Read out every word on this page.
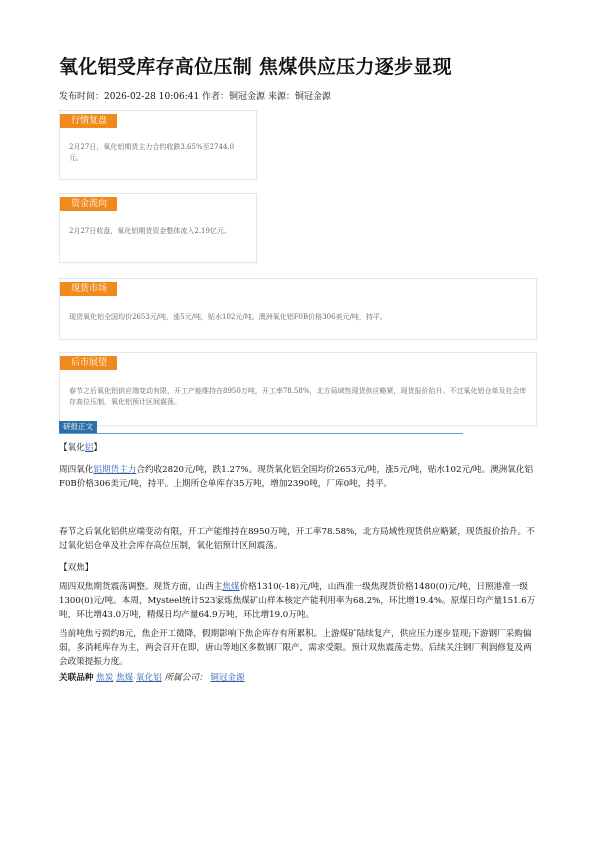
氧化铝受库存高位压制 焦煤供应压力逐步显现
发布时间：2026-02-28 10:06:41 作者：铜冠金源 来源：铜冠金源
行情复盘
2月27日，氧化铝期货主力合约收跌3.65%至2744.0元。
资金流向
2月27日收盘，氧化铝期货资金整体流入2.19亿元。
现货市场
现货氧化铝全国均价2653元/吨，涨5元/吨，贴水102元/吨。澳洲氧化铝F0B价格306美元/吨，持平。
后市展望
春节之后氧化铝供应端变动有限，开工产能维持在8950万吨，开工率78.58%，北方局域性现货供应略紧，现货报价抬升。不过氧化铝仓单及社会库存高位压制，氧化铝预计区间震荡。
研报正文
【氧化铝】
周四氧化铝期货主力合约收2820元/吨，跌1.27%。现货氧化铝全国均价2653元/吨，涨5元/吨，贴水102元/吨。澳洲氧化铝F0B价格306美元/吨，持平。上期所仓单库存35万吨，增加2390吨，厂库0吨，持平。
春节之后氧化铝供应端变动有限，开工产能维持在8950万吨，开工率78.58%，北方局域性现货供应略紧，现货报价抬升。不过氧化铝仓单及社会库存高位压制，氧化铝预计区间震荡。
【双焦】
周四双焦期货震荡调整。现货方面，山西主焦煤价格1310(-18)元/吨，山西准一级焦现货价格1480(0)元/吨，日照港准一级1300(0)元/吨。本周，Mysteel统计523家炼焦煤矿山样本核定产能利用率为68.2%，环比增19.4%。原煤日均产量151.6万吨，环比增43.0万吨，精煤日均产量64.9万吨，环比增19.0万吨。
当前吨焦亏损约8元，焦企开工微降，假期影响下焦企库存有所累积。上游煤矿陆续复产，供应压力逐步显现;下游钢厂采购偏弱，多消耗库存为主，两会召开在即，唐山等地区多数钢厂限产，需求受限。预计双焦震荡走势。后续关注钢厂利润修复及两会政策提振力度。
关联品种 焦炭 焦煤 氧化铝 所属公司： 铜冠金源
